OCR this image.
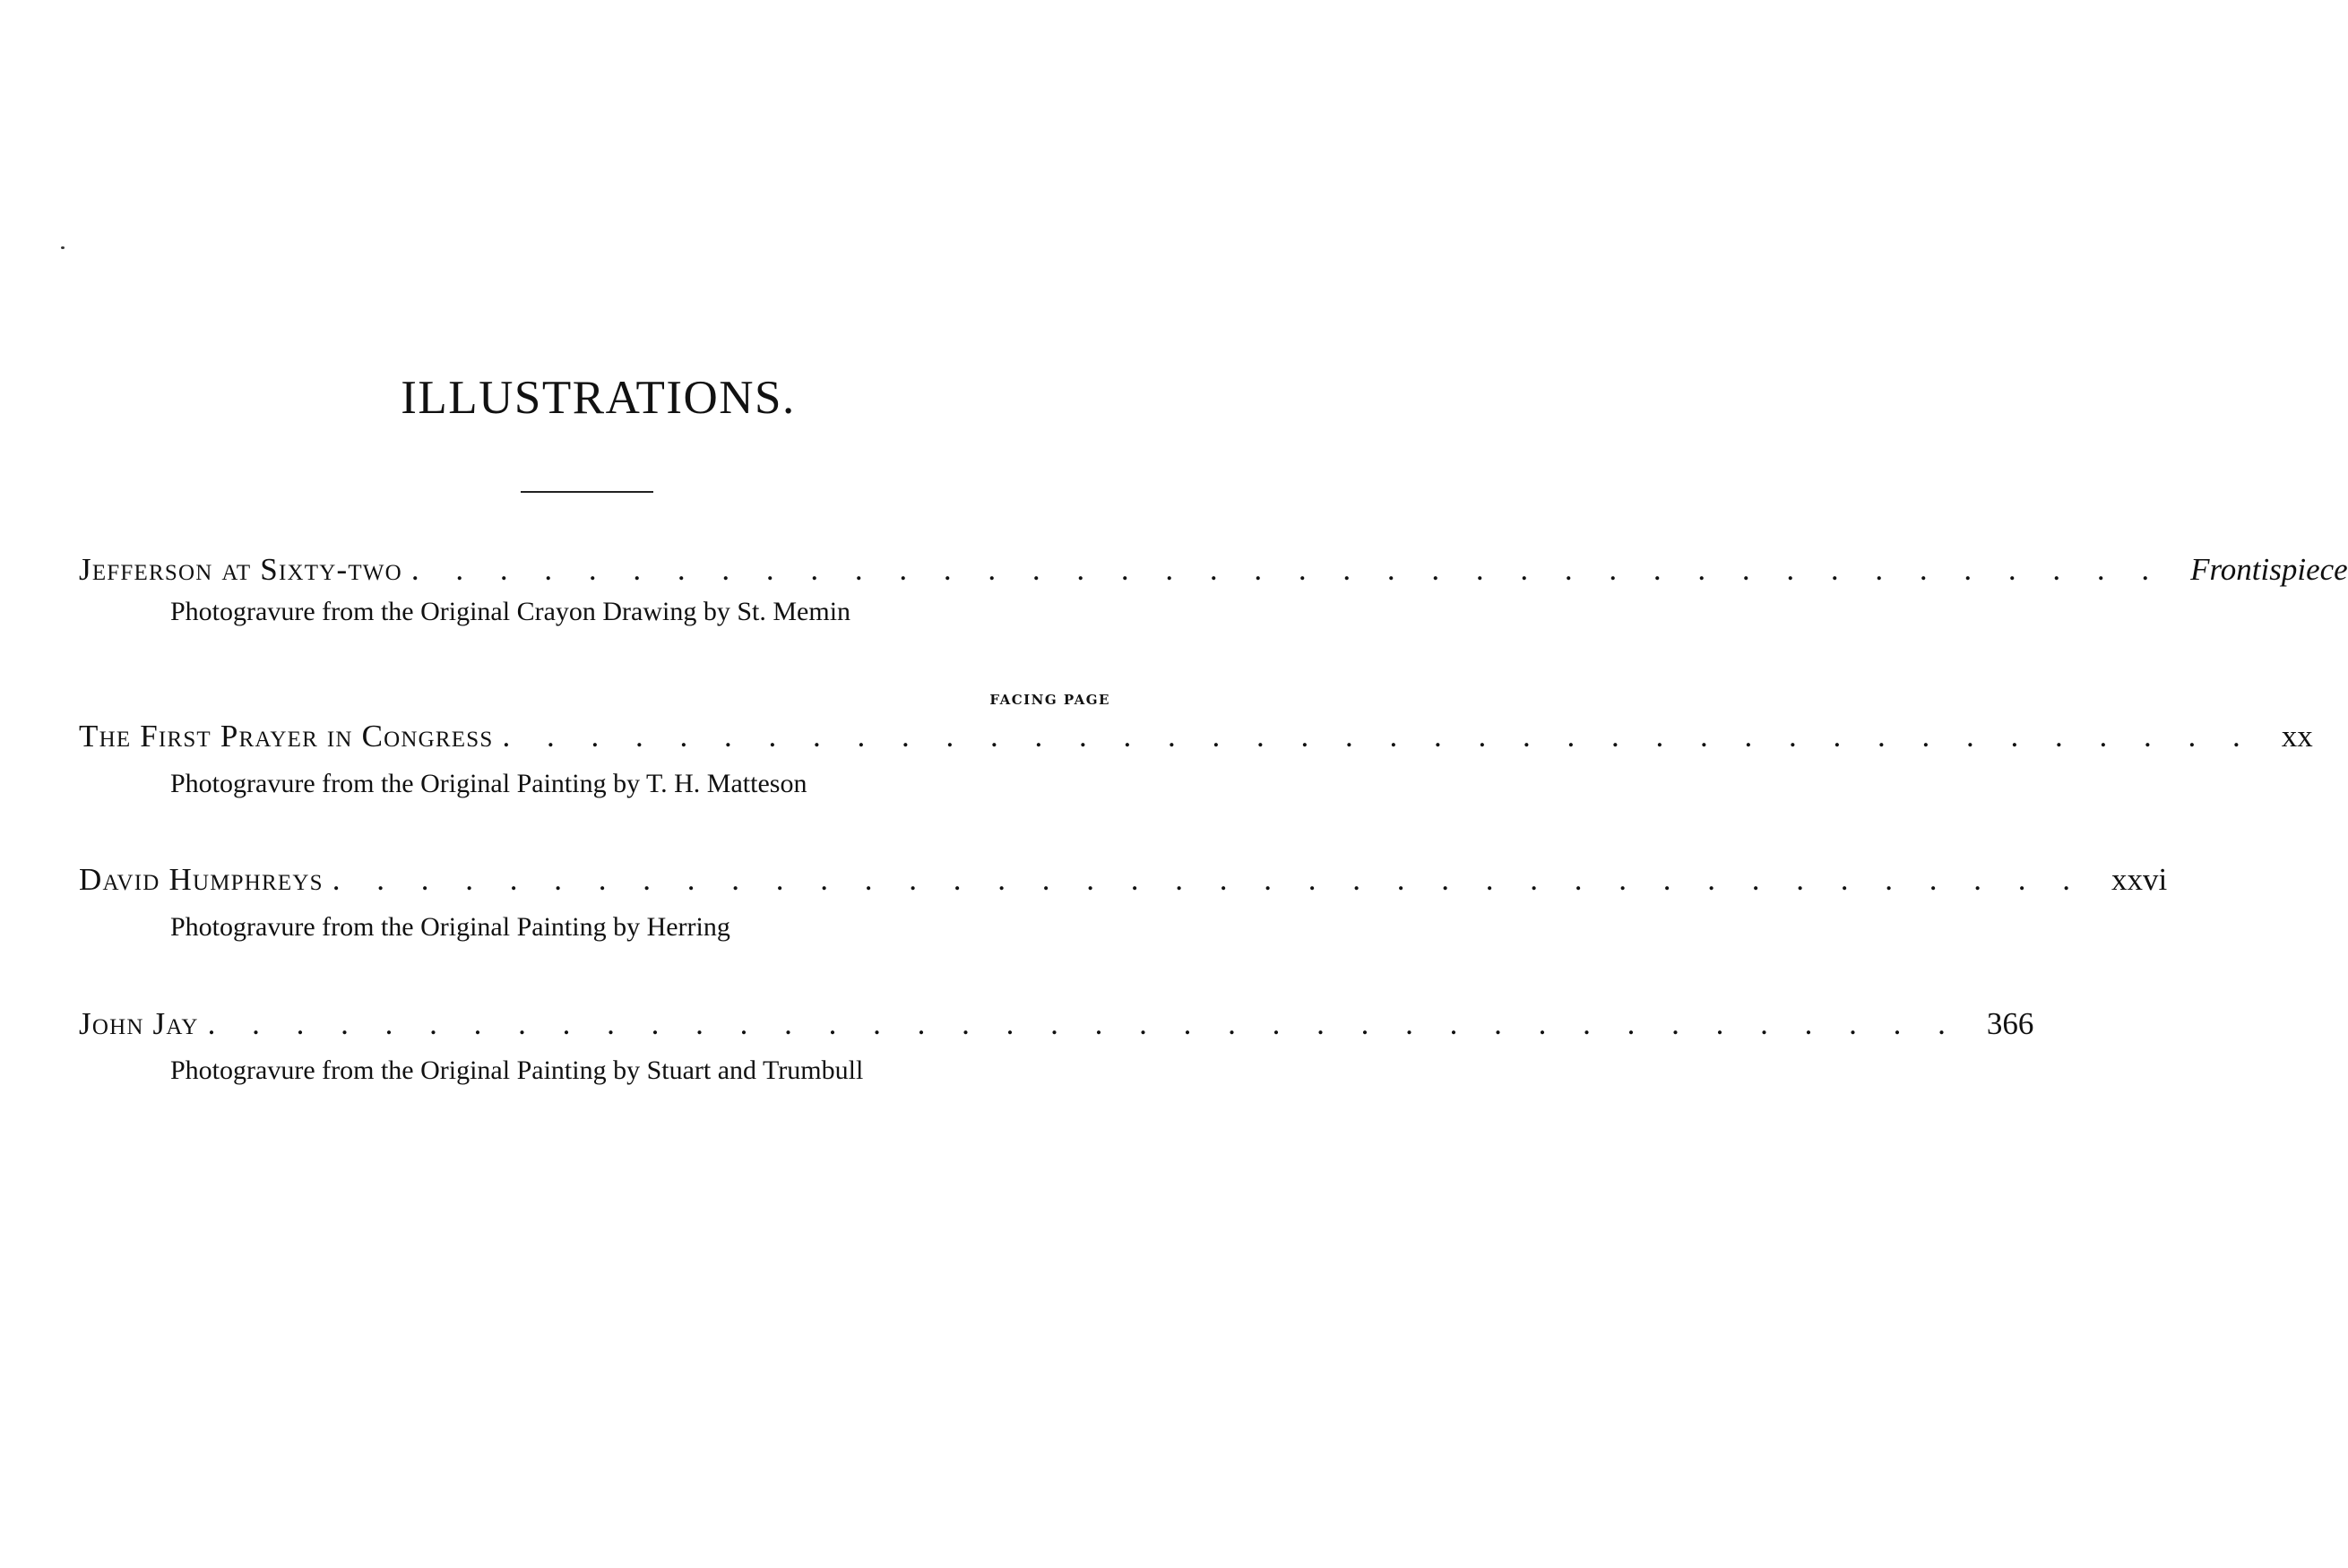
ILLUSTRATIONS.
Jefferson at Sixty-two . . . . . . . . . . . . . . . . . . . . . . . . . . . . . . . . . . . . . . . . Frontispiece
Photogravure from the Original Crayon Drawing by St. Memin
FACING PAGE
The First Prayer in Congress . . . . . . . . . . . . . . . . . . . . . . . . . . . . . . . . . . . . . . . . xx
Photogravure from the Original Painting by T. H. Matteson
David Humphreys . . . . . . . . . . . . . . . . . . . . . . . . . . . . . . . . . . . . . . . . xxvi
Photogravure from the Original Painting by Herring
John Jay . . . . . . . . . . . . . . . . . . . . . . . . . . . . . . . . . . . . . . . . 366
Photogravure from the Original Painting by Stuart and Trumbull
